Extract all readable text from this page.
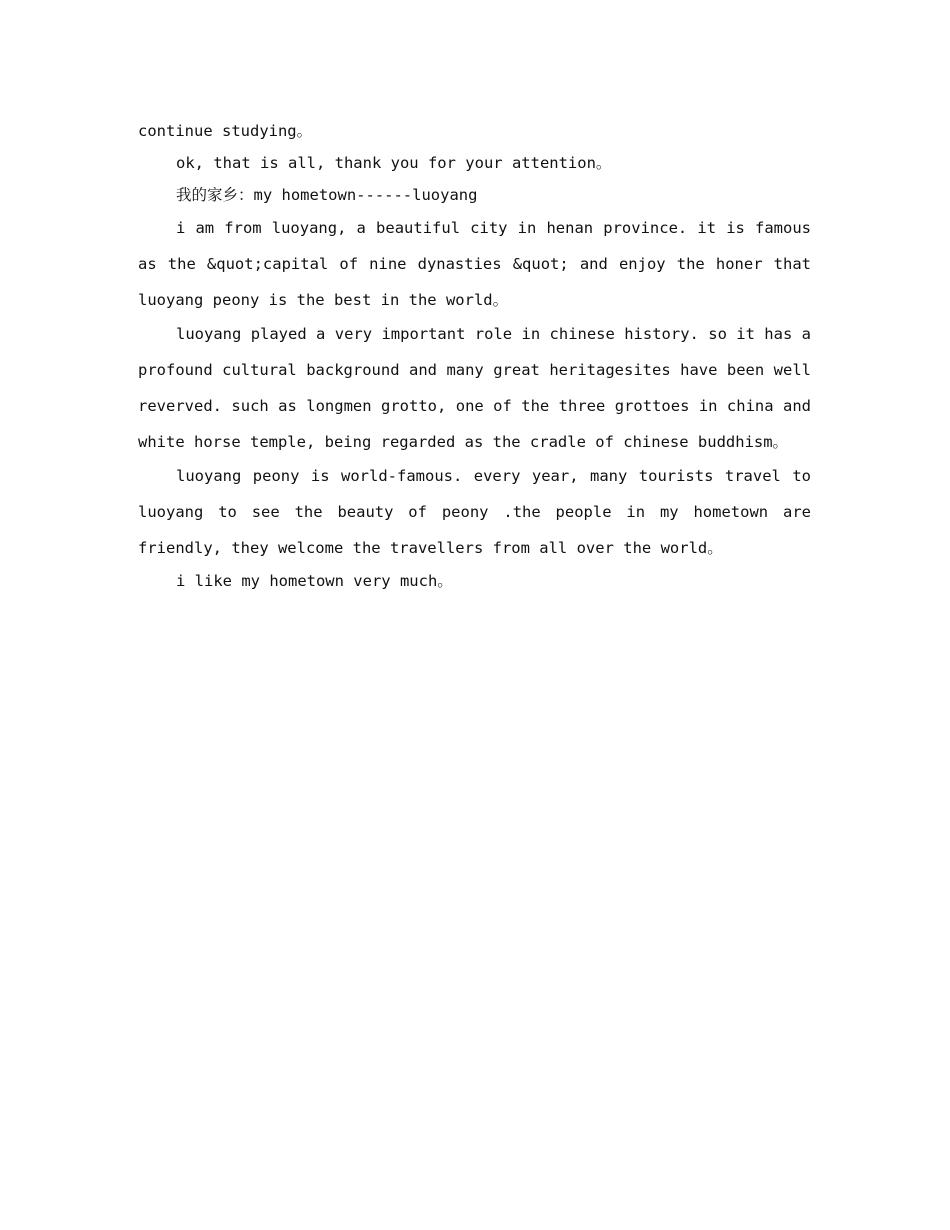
continue studying。

ok, that is all, thank you for your attention。

我的家乡：my hometown------luoyang

i am from luoyang, a beautiful city in henan province. it is famous as the &quot;capital of nine dynasties &quot; and enjoy the honer that luoyang peony is the best in the world。

luoyang played a very important role in chinese history. so it has a profound cultural background and many great heritagesites have been well reverved. such as longmen grotto, one of the three grottoes in china and white horse temple, being regarded as the cradle of chinese buddhism。

luoyang peony is world-famous. every year, many tourists travel to luoyang to see the beauty of peony .the people in my hometown are friendly, they welcome the travellers from all over the world。

i like my hometown very much。
